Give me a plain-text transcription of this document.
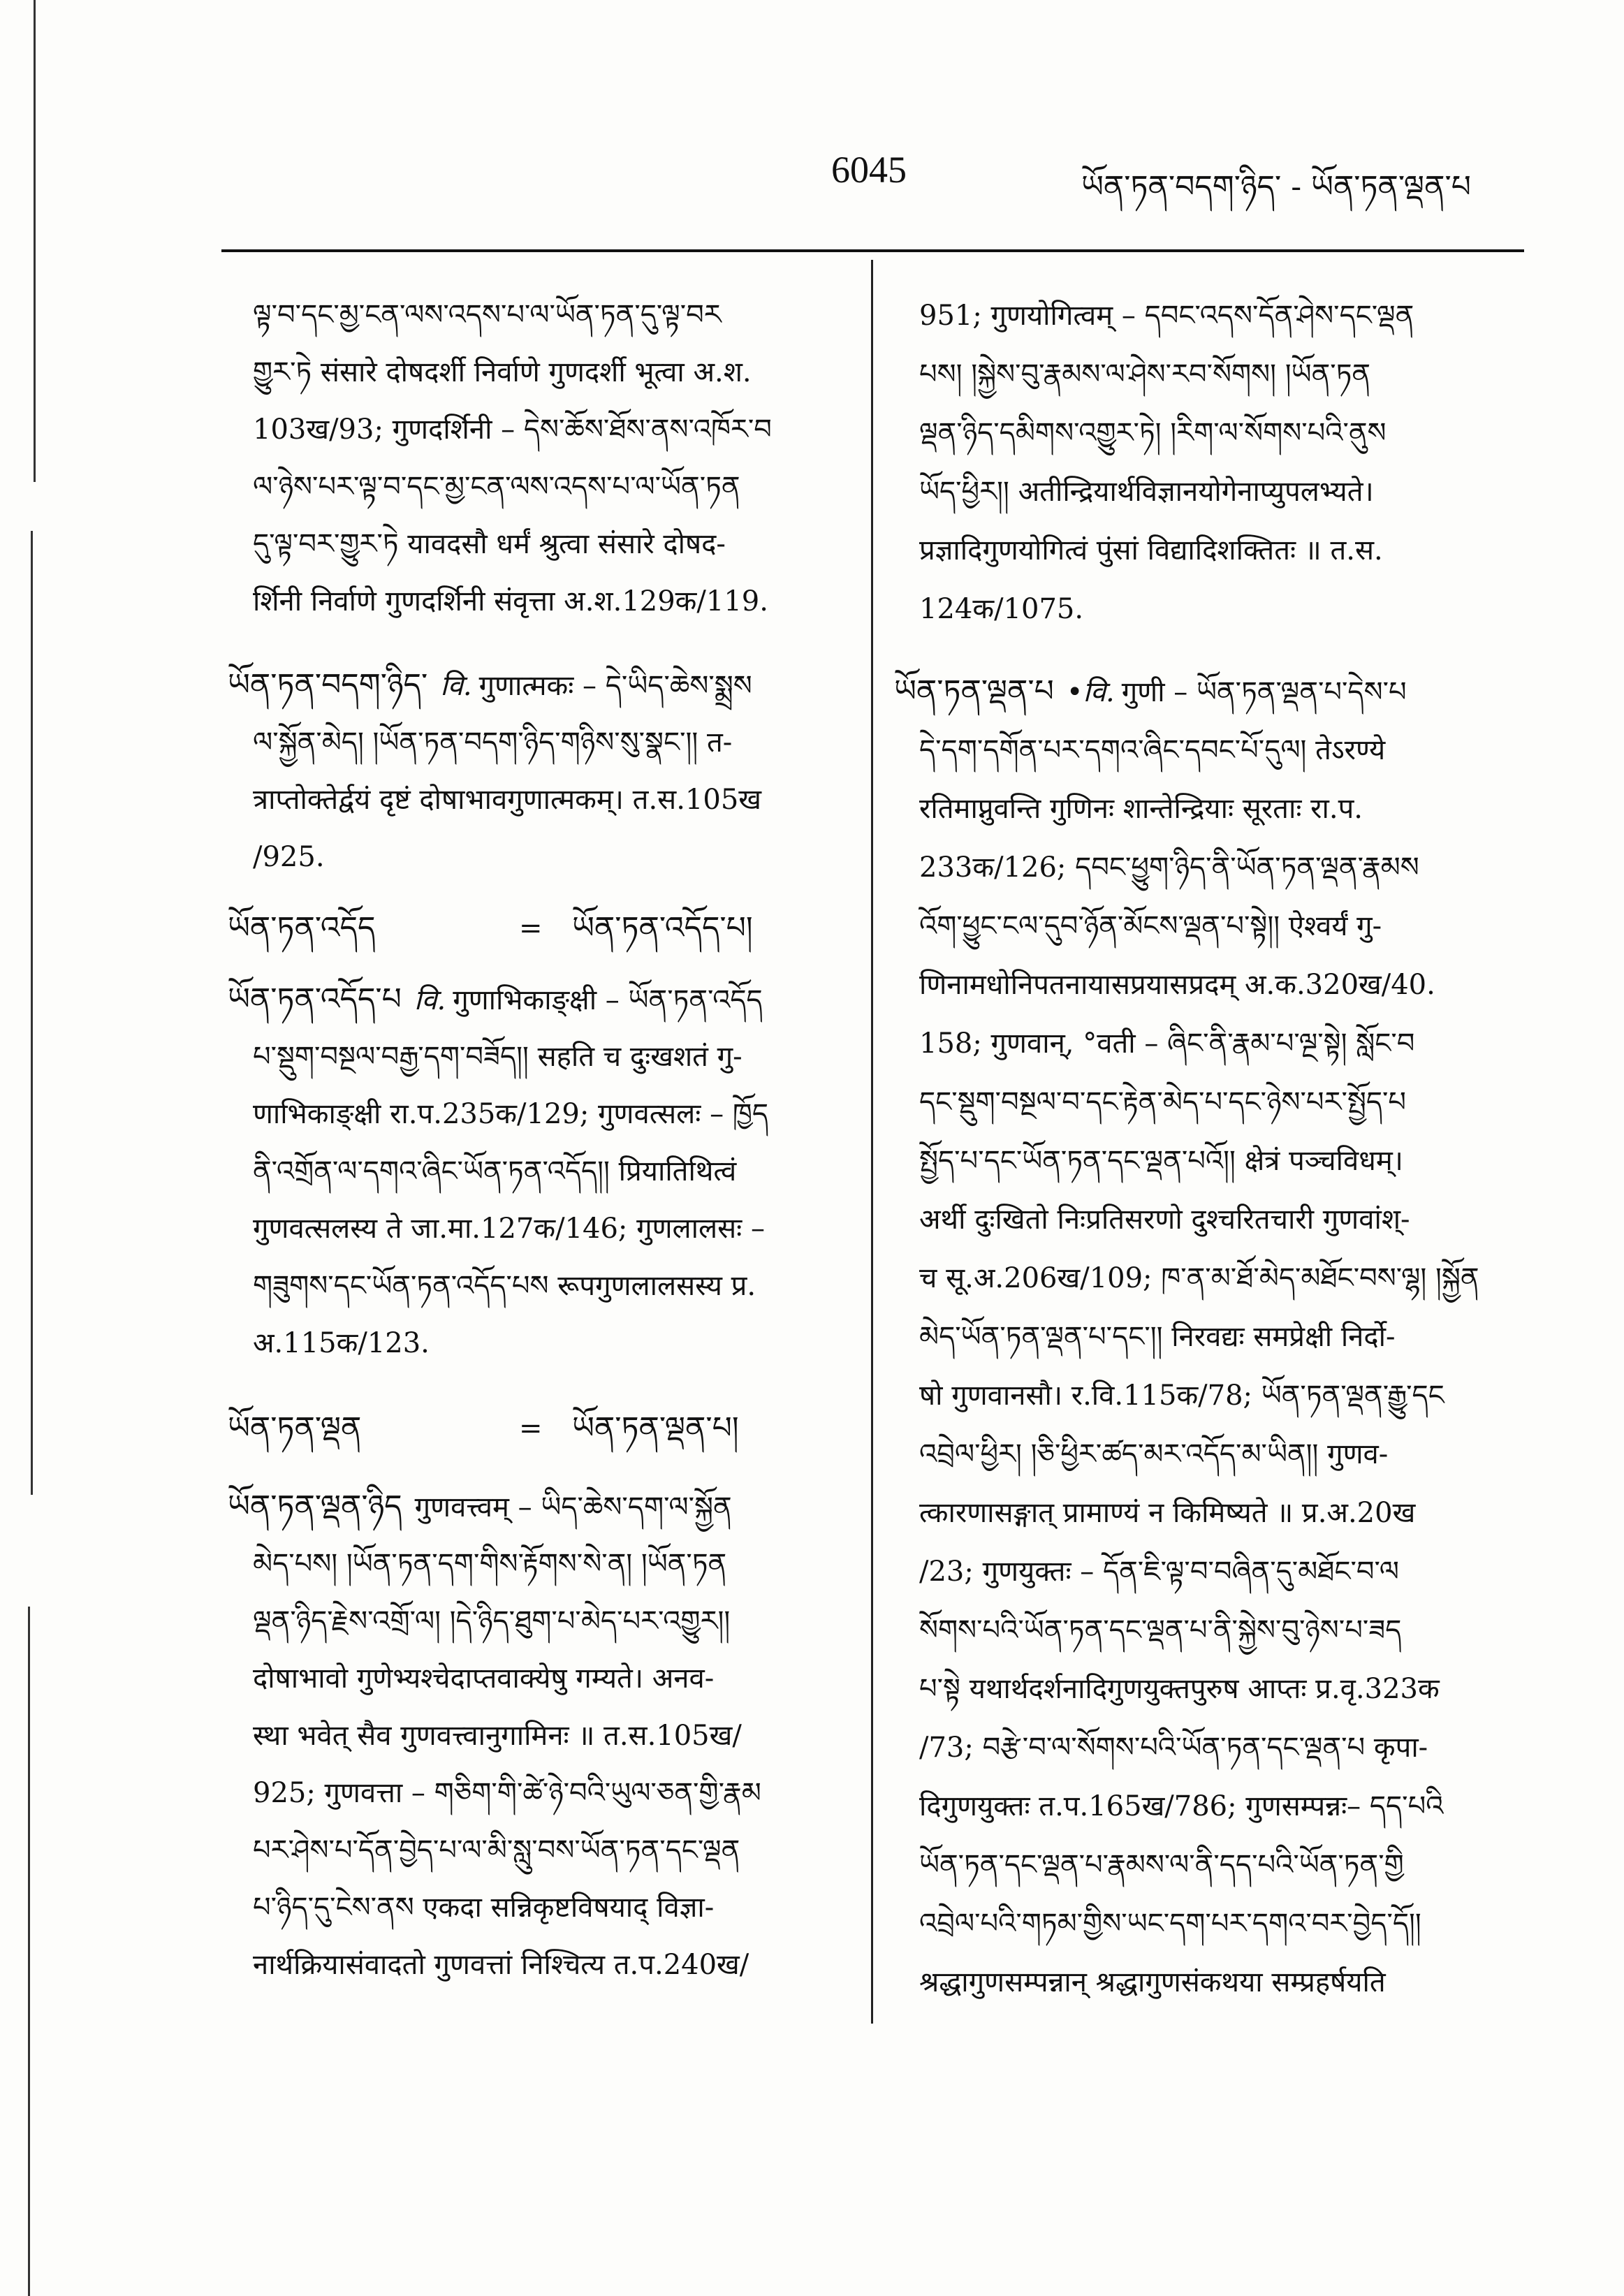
6045	ཡོན་ཏན་བདག་ཉིད་ - ཡོན་ཏན་ལྡན་པ
ལྟ་བ་དང་མྱ་ངན་ལས་འདས་པ་ལ་ཡོན་ཏན་དུ་ལྟ་བར
གྱུར་ཏེ संसारे दोषदर्शी निर्वाणे गुणदर्शी भूत्वा अ.श.
103ख/93; गुणदर्शिनी – དེས་ཆོས་ཐོས་ནས་འཁོར་བ
ལ་ཉེས་པར་ལྟ་བ་དང་མྱ་ངན་ལས་འདས་པ་ལ་ཡོན་ཏན
དུ་ལྟ་བར་གྱུར་ཏེ यावदसौ धर्मं श्रुत्वा संसारे दोषद-
र्शिनी निर्वाणे गुणदर्शिनी संवृत्ता अ.श.129क/119.
ཡོན་ཏན་བདག་ཉིད་ वि. गुणात्मकः – དེ་ཡིད་ཆེས་སྨྲས
ལ་སྐྱོན་མེད། །ཡོན་ཏན་བདག་ཉིད་གཉིས་སུ་སྣང་།། त-
त्राप्तोक्तेर्द्वयं दृष्टं दोषाभावगुणात्मकम्। त.स.105ख
/925.
ཡོན་ཏན་འདོད	= ཡོན་ཏན་འདོད་པ།
ཡོན་ཏན་འདོད་པ वि. गुणाभिकाङ्क्षी – ཡོན་ཏན་འདོད
པ་སྡུག་བསྔལ་བརྒྱ་དག་བཟོད།། सहति च दुःखशतं गु-
णाभिकाङ्क्षी रा.प.235क/129; गुणवत्सलः – ཁྱོད
ནི་འགྲོན་ལ་དགའ་ཞིང་ཡོན་ཏན་འདོད།། प्रियातिथित्वं
गुणवत्सलस्य ते जा.मा.127क/146; गुणलालसः –
གཟུགས་དང་ཡོན་ཏན་འདོད་པས रूपगुणलालसस्य प्र.
अ.115क/123.
ཡོན་ཏན་ལྡན	= ཡོན་ཏན་ལྡན་པ།
ཡོན་ཏན་ལྡན་ཉིད गुणवत्त्वम् – ཡིད་ཆེས་དག་ལ་སྐྱོན
མེད་པས། །ཡོན་ཏན་དག་གིས་རྟོགས་སེ་ན། །ཡོན་ཏན
ལྡན་ཉིད་རྗེས་འགྲོ་ལ། །དེ་ཉིད་ཐུག་པ་མེད་པར་འགྱུར།།
दोषाभावो गुणेभ्यश्चेदाप्तवाक्येषु गम्यते। अनव-
स्था भवेत् सैव गुणवत्त्वानुगामिनः ॥ त.स.105ख/
925; गुणवत्ता – གཅིག་གི་ཚེ་ཉེ་བའི་ཡུལ་ཅན་གྱི་རྣམ
པར་ཤེས་པ་དོན་བྱེད་པ་ལ་མི་སླུ་བས་ཡོན་ཏན་དང་ལྡན
པ་ཉིད་དུ་ངེས་ནས एकदा सन्निकृष्टविषयाद् विज्ञा-
नार्थक्रियासंवादतो गुणवत्तां निश्चित्य त.प.240ख/
951; गुणयोगित्वम् – དབང་འདས་དོན་ཤེས་དང་ལྡན
པས། །སྐྱེས་བུ་རྣམས་ལ་ཤེས་རབ་སོགས། །ཡོན་ཏན
ལྡན་ཉིད་དམིགས་འགྱུར་ཏེ། །རིག་ལ་སོགས་པའི་ནུས
ཡོད་ཕྱིར།། अतीन्द्रियार्थविज्ञानयोगेनाप्युपलभ्यते।
प्रज्ञादिगुणयोगित्वं पुंसां विद्यादिशक्तितः ॥ त.स.
124क/1075.
ཡོན་ཏན་ལྡན་པ •वि. गुणी – ཡོན་ཏན་ལྡན་པ་དེས་པ
དེ་དག་དགོན་པར་དགའ་ཞིང་དབང་པོ་དུལ། तेऽरण्ये
रतिमाप्नुवन्ति गुणिनः शान्तेन्द्रियाः सूरताः रा.प.
233क/126; དབང་ཕྱུག་ཉིད་ནི་ཡོན་ཏན་ལྡན་རྣམས
འོག་ཕྱུང་ངལ་དུབ་ཉོན་མོངས་ལྡན་པ་སྟེ།། ऐश्वर्यं गु-
णिनामधोनिपतनायासप्रयासप्रदम् अ.क.320ख/40.
158; गुणवान्, °वती – ཞིང་ནི་རྣམ་པ་ལྔ་སྟེ། སློང་བ
དང་སྡུག་བསྔལ་བ་དང་རྟེན་མེད་པ་དང་ཉེས་པར་སྤྱོད་པ
སྤྱོད་པ་དང་ཡོན་ཏན་དང་ལྡན་པའོ།། क्षेत्रं पञ्चविधम्।
अर्थी दुःखितो निःप्रतिसरणो दुश्चरितचारी गुणवांश्-
च सू.अ.206ख/109; ཁ་ན་མ་ཐོ་མེད་མཐོང་བས་ལྷ། །སྐྱོན
མེད་ཡོན་ཏན་ལྡན་པ་དང་།། निरवद्यः समप्रेक्षी निर्दो-
षो गुणवानसौ। र.वि.115क/78; ཡོན་ཏན་ལྡན་རྒྱུ་དང
འབྲེལ་ཕྱིར། །ཅི་ཕྱིར་ཚད་མར་འདོད་མ་ཡིན།། गुणव-
त्कारणासङ्गात् प्रामाण्यं न किमिष्यते ॥ प्र.अ.20ख
/23; गुणयुक्तः – དོན་ཇི་ལྟ་བ་བཞིན་དུ་མཐོང་བ་ལ
སོགས་པའི་ཡོན་ཏན་དང་ལྡན་པ་ནི་སྐྱེས་བུ་ཉེས་པ་ཟད
པ་སྟེ यथार्थदर्शनादिगुणयुक्तपुरुष आप्तः प्र.वृ.323क
/73; བརྩེ་བ་ལ་སོགས་པའི་ཡོན་ཏན་དང་ལྡན་པ कृपा-
दिगुणयुक्तः त.प.165ख/786; गुणसम्पन्नः– དད་པའི
ཡོན་ཏན་དང་ལྡན་པ་རྣམས་ལ་ནི་དད་པའི་ཡོན་ཏན་གྱི
འབྲེལ་པའི་གཏམ་གྱིས་ཡང་དག་པར་དགའ་བར་བྱེད་དོ།།
श्रद्धागुणसम्पन्नान् श्रद्धागुणसंकथया सम्प्रहर्षयति
